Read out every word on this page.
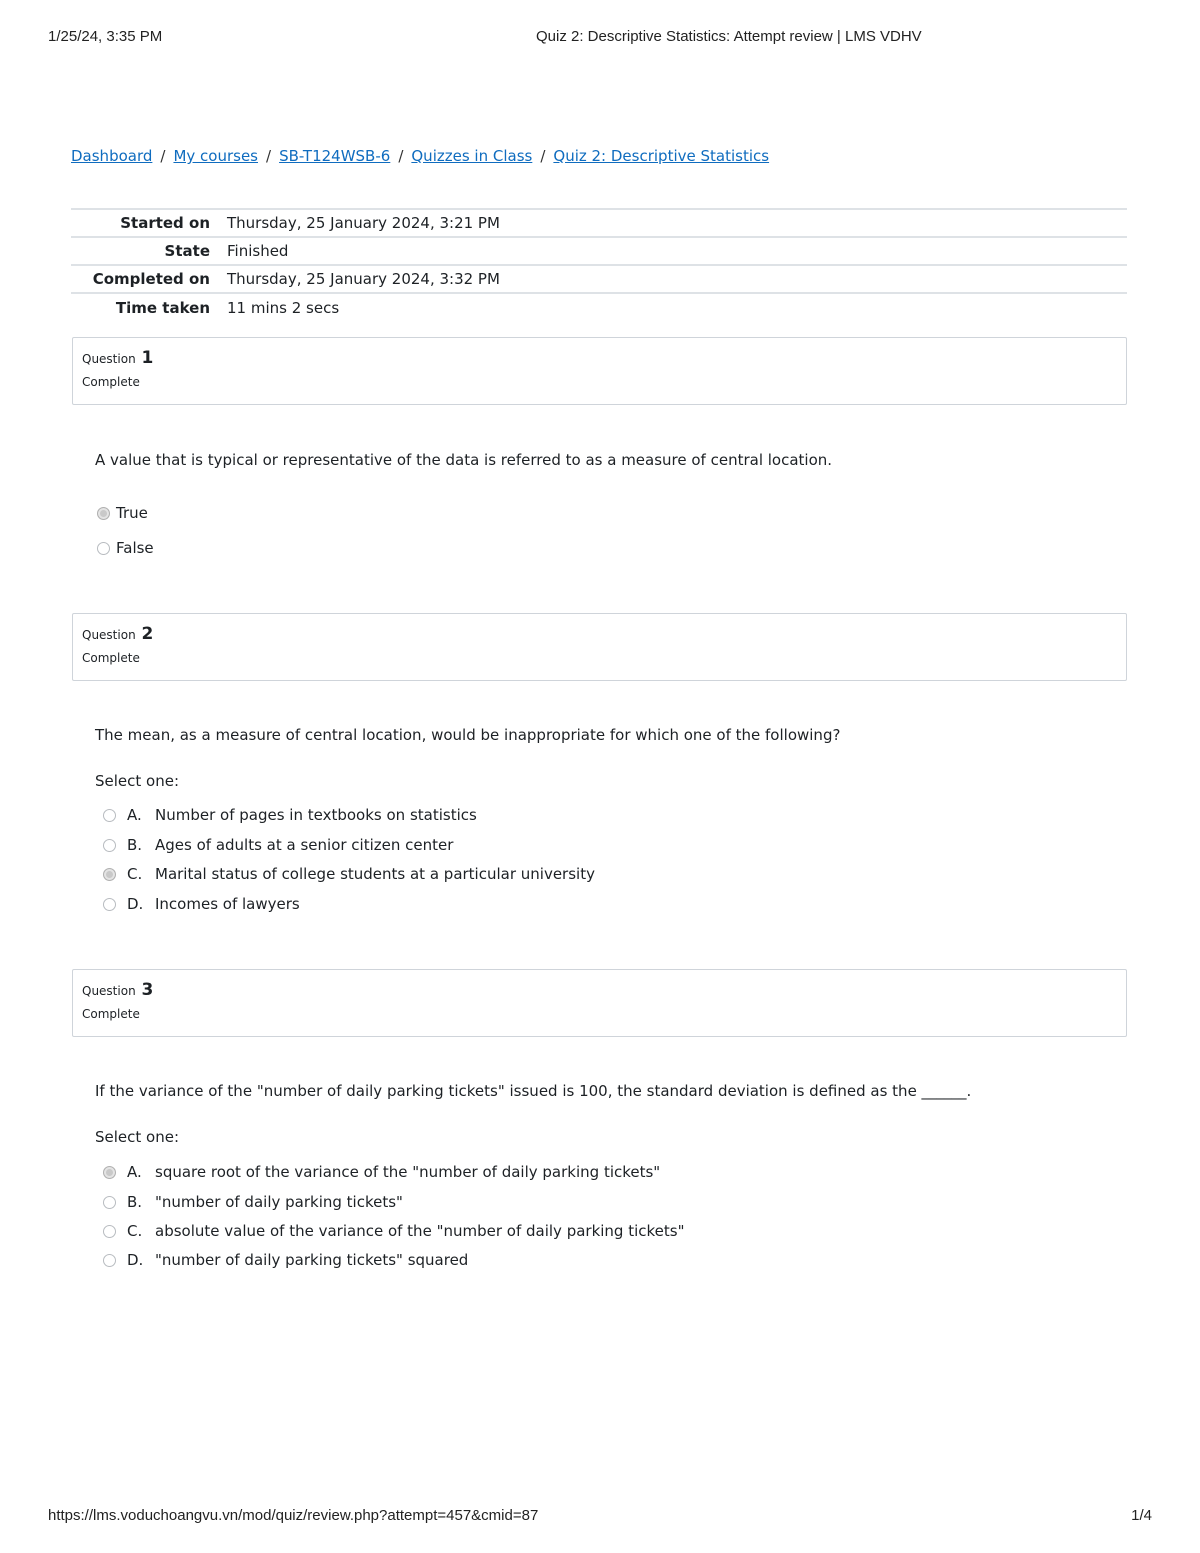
1/25/24, 3:35 PM	Quiz 2: Descriptive Statistics: Attempt review | LMS VDHV
Dashboard / My courses / SB-T124WSB-6 / Quizzes in Class / Quiz 2: Descriptive Statistics
Started on	Thursday, 25 January 2024, 3:21 PM
State	Finished
Completed on	Thursday, 25 January 2024, 3:32 PM
Time taken	11 mins 2 secs
Question 1
Complete
A value that is typical or representative of the data is referred to as a measure of central location.
True
False
Question 2
Complete
The mean, as a measure of central location, would be inappropriate for which one of the following?
Select one:
A. Number of pages in textbooks on statistics
B. Ages of adults at a senior citizen center
C. Marital status of college students at a particular university
D. Incomes of lawyers
Question 3
Complete
If the variance of the "number of daily parking tickets" issued is 100, the standard deviation is defined as the ______.
Select one:
A. square root of the variance of the "number of daily parking tickets"
B. "number of daily parking tickets"
C. absolute value of the variance of the "number of daily parking tickets"
D. "number of daily parking tickets" squared
https://lms.voduchoangvu.vn/mod/quiz/review.php?attempt=457&cmid=87	1/4
